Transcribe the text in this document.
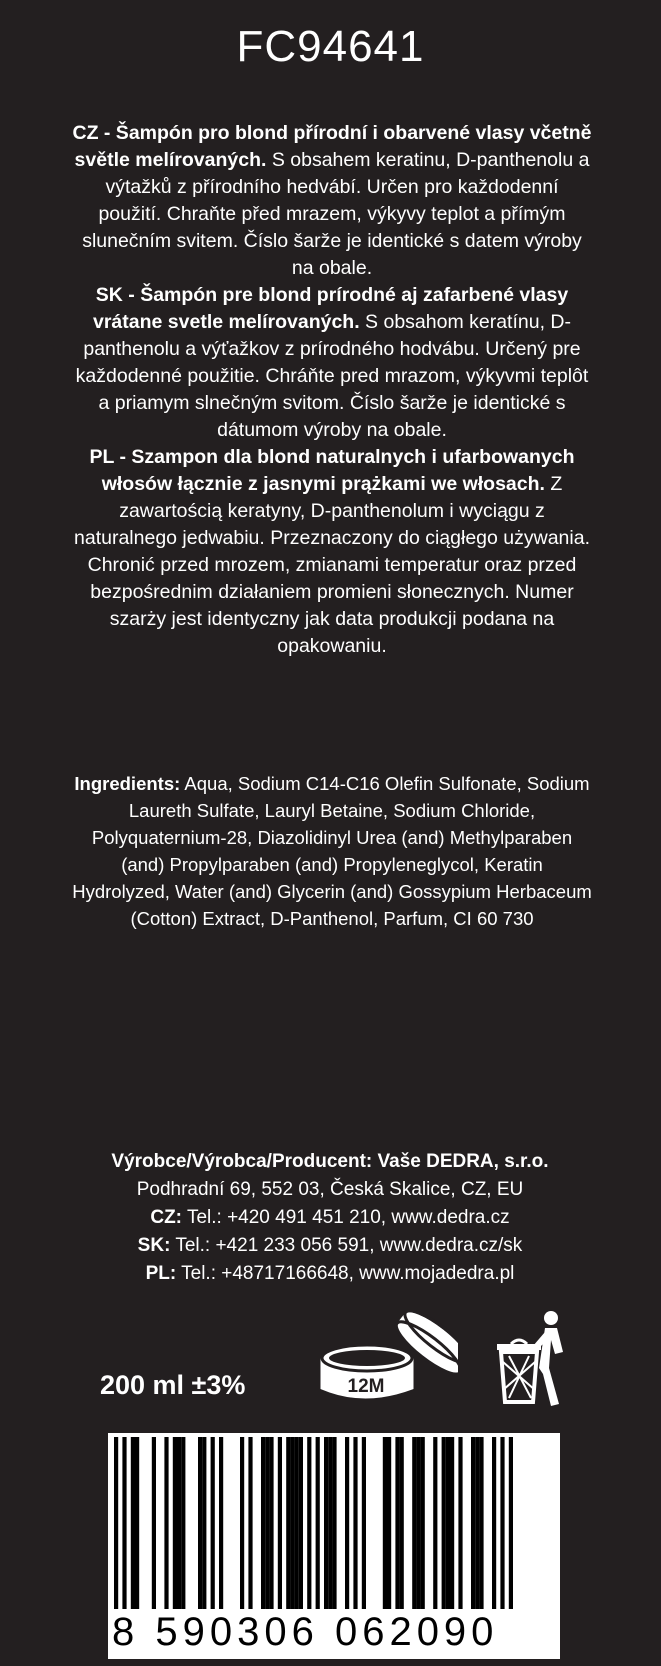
FC94641
CZ - Šampón pro blond přírodní i obarvené vlasy včetně světle melírovaných. S obsahem keratinu, D-panthenolu a výtažků z přírodního hedvábí. Určen pro každodenní použití. Chraňte před mrazem, výkyvy teplot a přímým slunečním svitem. Číslo šarže je identické s datem výroby na obale.
SK - Šampón pre blond prírodné aj zafarbené vlasy vrátane svetle melírovaných. S obsahom keratínu, D-panthenolu a výťažkov z prírodného hodvábu. Určený pre každodenné použitie. Chráňte pred mrazom, výkyvmi teplôt a priamym slnečným svitom. Číslo šarže je identické s dátumom výroby na obale.
PL - Szampon dla blond naturalnych i ufarbowanych włosów łącznie z jasnymi prążkami we włosach. Z zawartością keratyny, D-panthenolum i wyciągu z naturalnego jedwabiu. Przeznaczony do ciągłego używania. Chronić przed mrozem, zmianami temperatur oraz przed bezpośrednim działaniem promieni słonecznych. Numer szarży jest identyczny jak data produkcji podana na opakowaniu.
Ingredients: Aqua, Sodium C14-C16 Olefin Sulfonate, Sodium Laureth Sulfate, Lauryl Betaine, Sodium Chloride, Polyquaternium-28, Diazolidinyl Urea (and) Methylparaben (and) Propylparaben (and) Propyleneglycol, Keratin Hydrolyzed, Water (and) Glycerin (and) Gossypium Herbaceum (Cotton) Extract, D-Panthenol, Parfum, CI 60 730
Výrobce/Výrobca/Producent: Vaše DEDRA, s.r.o.
Podhradní 69, 552 03, Česká Skalice, CZ, EU
CZ: Tel.: +420 491 451 210, www.dedra.cz
SK: Tel.: +421 233 056 591, www.dedra.cz/sk
PL: Tel.: +48717166648, www.mojadedra.pl
200 ml ±3%	12M
8 590306 062090
